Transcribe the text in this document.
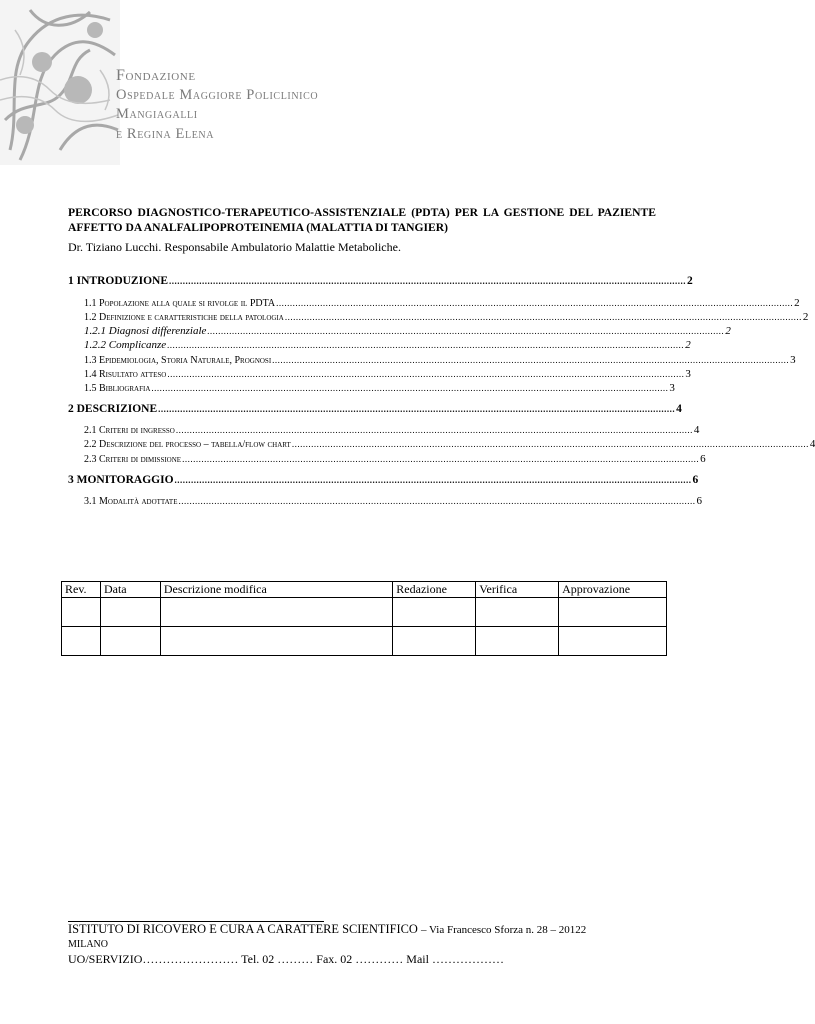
Fondazione
Ospedale Maggiore Policlinico
Mangiagalli
e Regina Elena
PERCORSO DIAGNOSTICO-TERAPEUTICO-ASSISTENZIALE (PDTA) PER LA GESTIONE DEL PAZIENTE AFFETTO DA ANALFALIPOPROTEINEMIA (MALATTIA DI TANGIER)
Dr. Tiziano Lucchi. Responsabile Ambulatorio Malattie Metaboliche.
1 INTRODUZIONE ............................................................................................................................................................................................ 2
1.1 Popolazione alla quale si rivolge il PDTA ............................................................................................................................................................................................ 2
1.2 Definizione e caratteristiche della patologia ............................................................................................................................................................................................ 2
1.2.1 Diagnosi differenziale ............................................................................................................................................................................................ 2
1.2.2 Complicanze ............................................................................................................................................................................................ 2
1.3 Epidemiologia, Storia Naturale, Prognosi ............................................................................................................................................................................................ 3
1.4 Risultato atteso ............................................................................................................................................................................................ 3
1.5 Bibliografia ............................................................................................................................................................................................ 3
2 DESCRIZIONE ............................................................................................................................................................................................ 4
2.1 Criteri di ingresso ............................................................................................................................................................................................ 4
2.2 Descrizione del processo – tabella/flow chart ............................................................................................................................................................................................ 4
2.3 Criteri di dimissione ............................................................................................................................................................................................ 6
3 MONITORAGGIO ............................................................................................................................................................................................ 6
3.1 Modalità adottate ............................................................................................................................................................................................ 6
Rev.	Data	Descrizione modifica	Redazione	Verifica	Approvazione

ISTITUTO DI RICOVERO E CURA A CARATTERE SCIENTIFICO – Via Francesco Sforza n. 28 – 20122
MILANO
UO/SERVIZIO…………………… Tel. 02 ……… Fax. 02 ………… Mail ………………
